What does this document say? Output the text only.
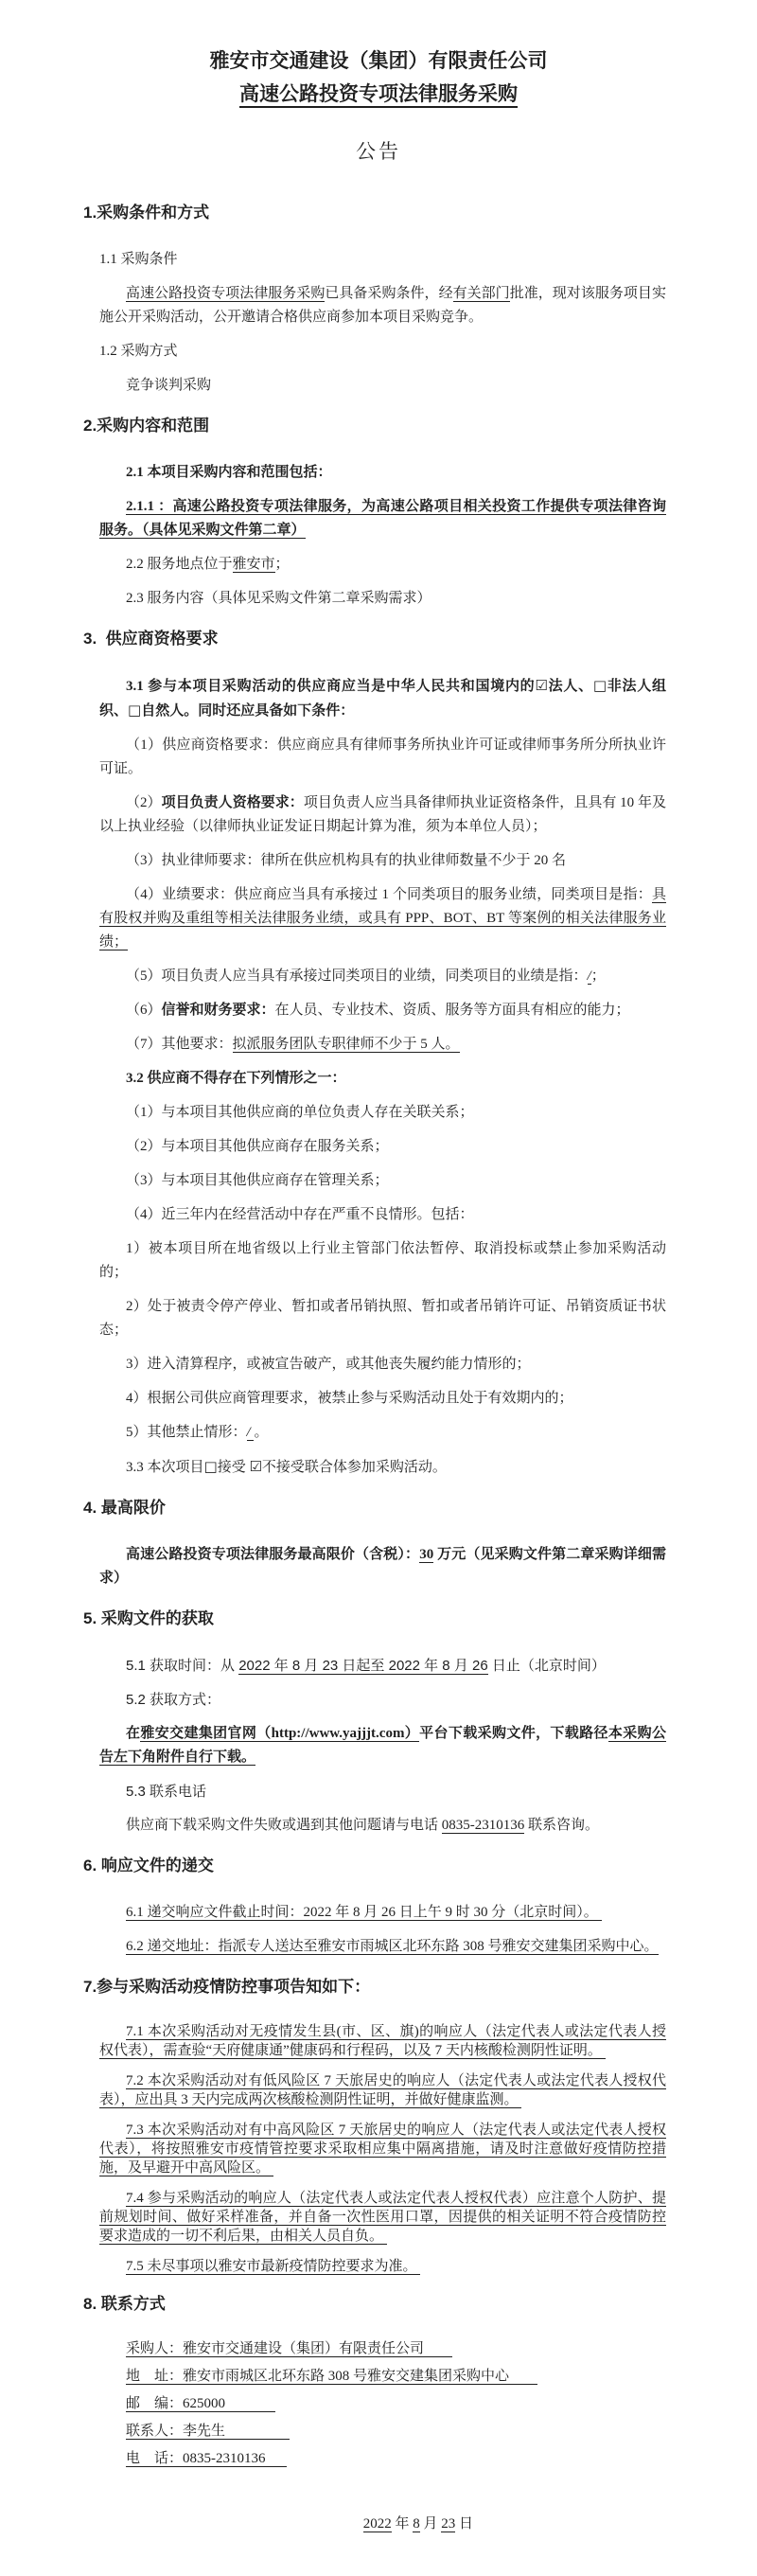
雅安市交通建设（集团）有限责任公司
高速公路投资专项法律服务采购
公告
1.采购条件和方式
1.1 采购条件
高速公路投资专项法律服务采购已具备采购条件，经有关部门批准，现对该服务项目实施公开采购活动，公开邀请合格供应商参加本项目采购竞争。
1.2 采购方式
竞争谈判采购
2.采购内容和范围
2.1 本项目采购内容和范围包括：
2.1.1 ：高速公路投资专项法律服务，为高速公路项目相关投资工作提供专项法律咨询服务。（具体见采购文件第二章）
2.2 服务地点位于雅安市；
2.3 服务内容（具体见采购文件第二章采购需求）
3.  供应商资格要求
3.1 参与本项目采购活动的供应商应当是中华人民共和国境内的☑法人、□非法人组织、□自然人。同时还应具备如下条件：
（1）供应商资格要求：供应商应具有律师事务所执业许可证或律师事务所分所执业许可证。
（2）项目负责人资格要求：项目负责人应当具备律师执业证资格条件，且具有 10 年及以上执业经验（以律师执业证发证日期起计算为准，须为本单位人员）；
（3）执业律师要求：律所在供应机构具有的执业律师数量不少于 20 名
（4）业绩要求：供应商应当具有承接过 1 个同类项目的服务业绩，同类项目是指：具有股权并购及重组等相关法律服务业绩，或具有 PPP、BOT、BT 等案例的相关法律服务业绩；
（5）项目负责人应当具有承接过同类项目的业绩，同类项目的业绩是指：/；
（6）信誉和财务要求：在人员、专业技术、资质、服务等方面具有相应的能力；
（7）其他要求：拟派服务团队专职律师不少于 5 人。
3.2 供应商不得存在下列情形之一：
（1）与本项目其他供应商的单位负责人存在关联关系；
（2）与本项目其他供应商存在服务关系；
（3）与本项目其他供应商存在管理关系；
（4）近三年内在经营活动中存在严重不良情形。包括：
1）被本项目所在地省级以上行业主管部门依法暂停、取消投标或禁止参加采购活动的；
2）处于被责令停产停业、暂扣或者吊销执照、暂扣或者吊销许可证、吊销资质证书状态；
3）进入清算程序，或被宣告破产，或其他丧失履约能力情形的；
4）根据公司供应商管理要求，被禁止参与采购活动且处于有效期内的；
5）其他禁止情形：/ 。
3.3 本次项目□接受 ☑不接受联合体参加采购活动。
4. 最高限价
高速公路投资专项法律服务最高限价（含税）：30 万元（见采购文件第二章采购详细需求）
5. 采购文件的获取
5.1 获取时间：从 2022 年 8 月 23 日起至 2022 年 8 月 26 日止（北京时间）
5.2 获取方式：
在雅安交建集团官网（http://www.yajjjt.com）平台下载采购文件，下载路径本采购公告左下角附件自行下载。
5.3 联系电话
供应商下载采购文件失败或遇到其他问题请与电话 0835-2310136 联系咨询。
6. 响应文件的递交
6.1 递交响应文件截止时间：2022 年 8 月 26 日上午 9 时 30 分（北京时间）。
6.2 递交地址：指派专人送达至雅安市雨城区北环东路 308 号雅安交建集团采购中心。
7.参与采购活动疫情防控事项告知如下：
7.1 本次采购活动对无疫情发生县(市、区、旗)的响应人（法定代表人或法定代表人授权代表），需查验“天府健康通”健康码和行程码，以及 7 天内核酸检测阴性证明。
7.2 本次采购活动对有低风险区 7 天旅居史的响应人（法定代表人或法定代表人授权代表），应出具 3 天内完成两次核酸检测阴性证明，并做好健康监测。
7.3 本次采购活动对有中高风险区 7 天旅居史的响应人（法定代表人或法定代表人授权代表），将按照雅安市疫情管控要求采取相应集中隔离措施，请及时注意做好疫情防控措施，及早避开中高风险区。
7.4 参与采购活动的响应人（法定代表人或法定代表人授权代表）应注意个人防护、提前规划时间、做好采样准备，并自备一次性医用口罩，因提供的相关证明不符合疫情防控要求造成的一切不利后果，由相关人员自负。
7.5 未尽事项以雅安市最新疫情防控要求为准。
8. 联系方式
采购人：雅安市交通建设（集团）有限责任公司
地　址：雅安市雨城区北环东路 308 号雅安交建集团采购中心
邮　编：625000
联系人：李先生
电　话：0835-2310136
2022 年 8 月 23 日
